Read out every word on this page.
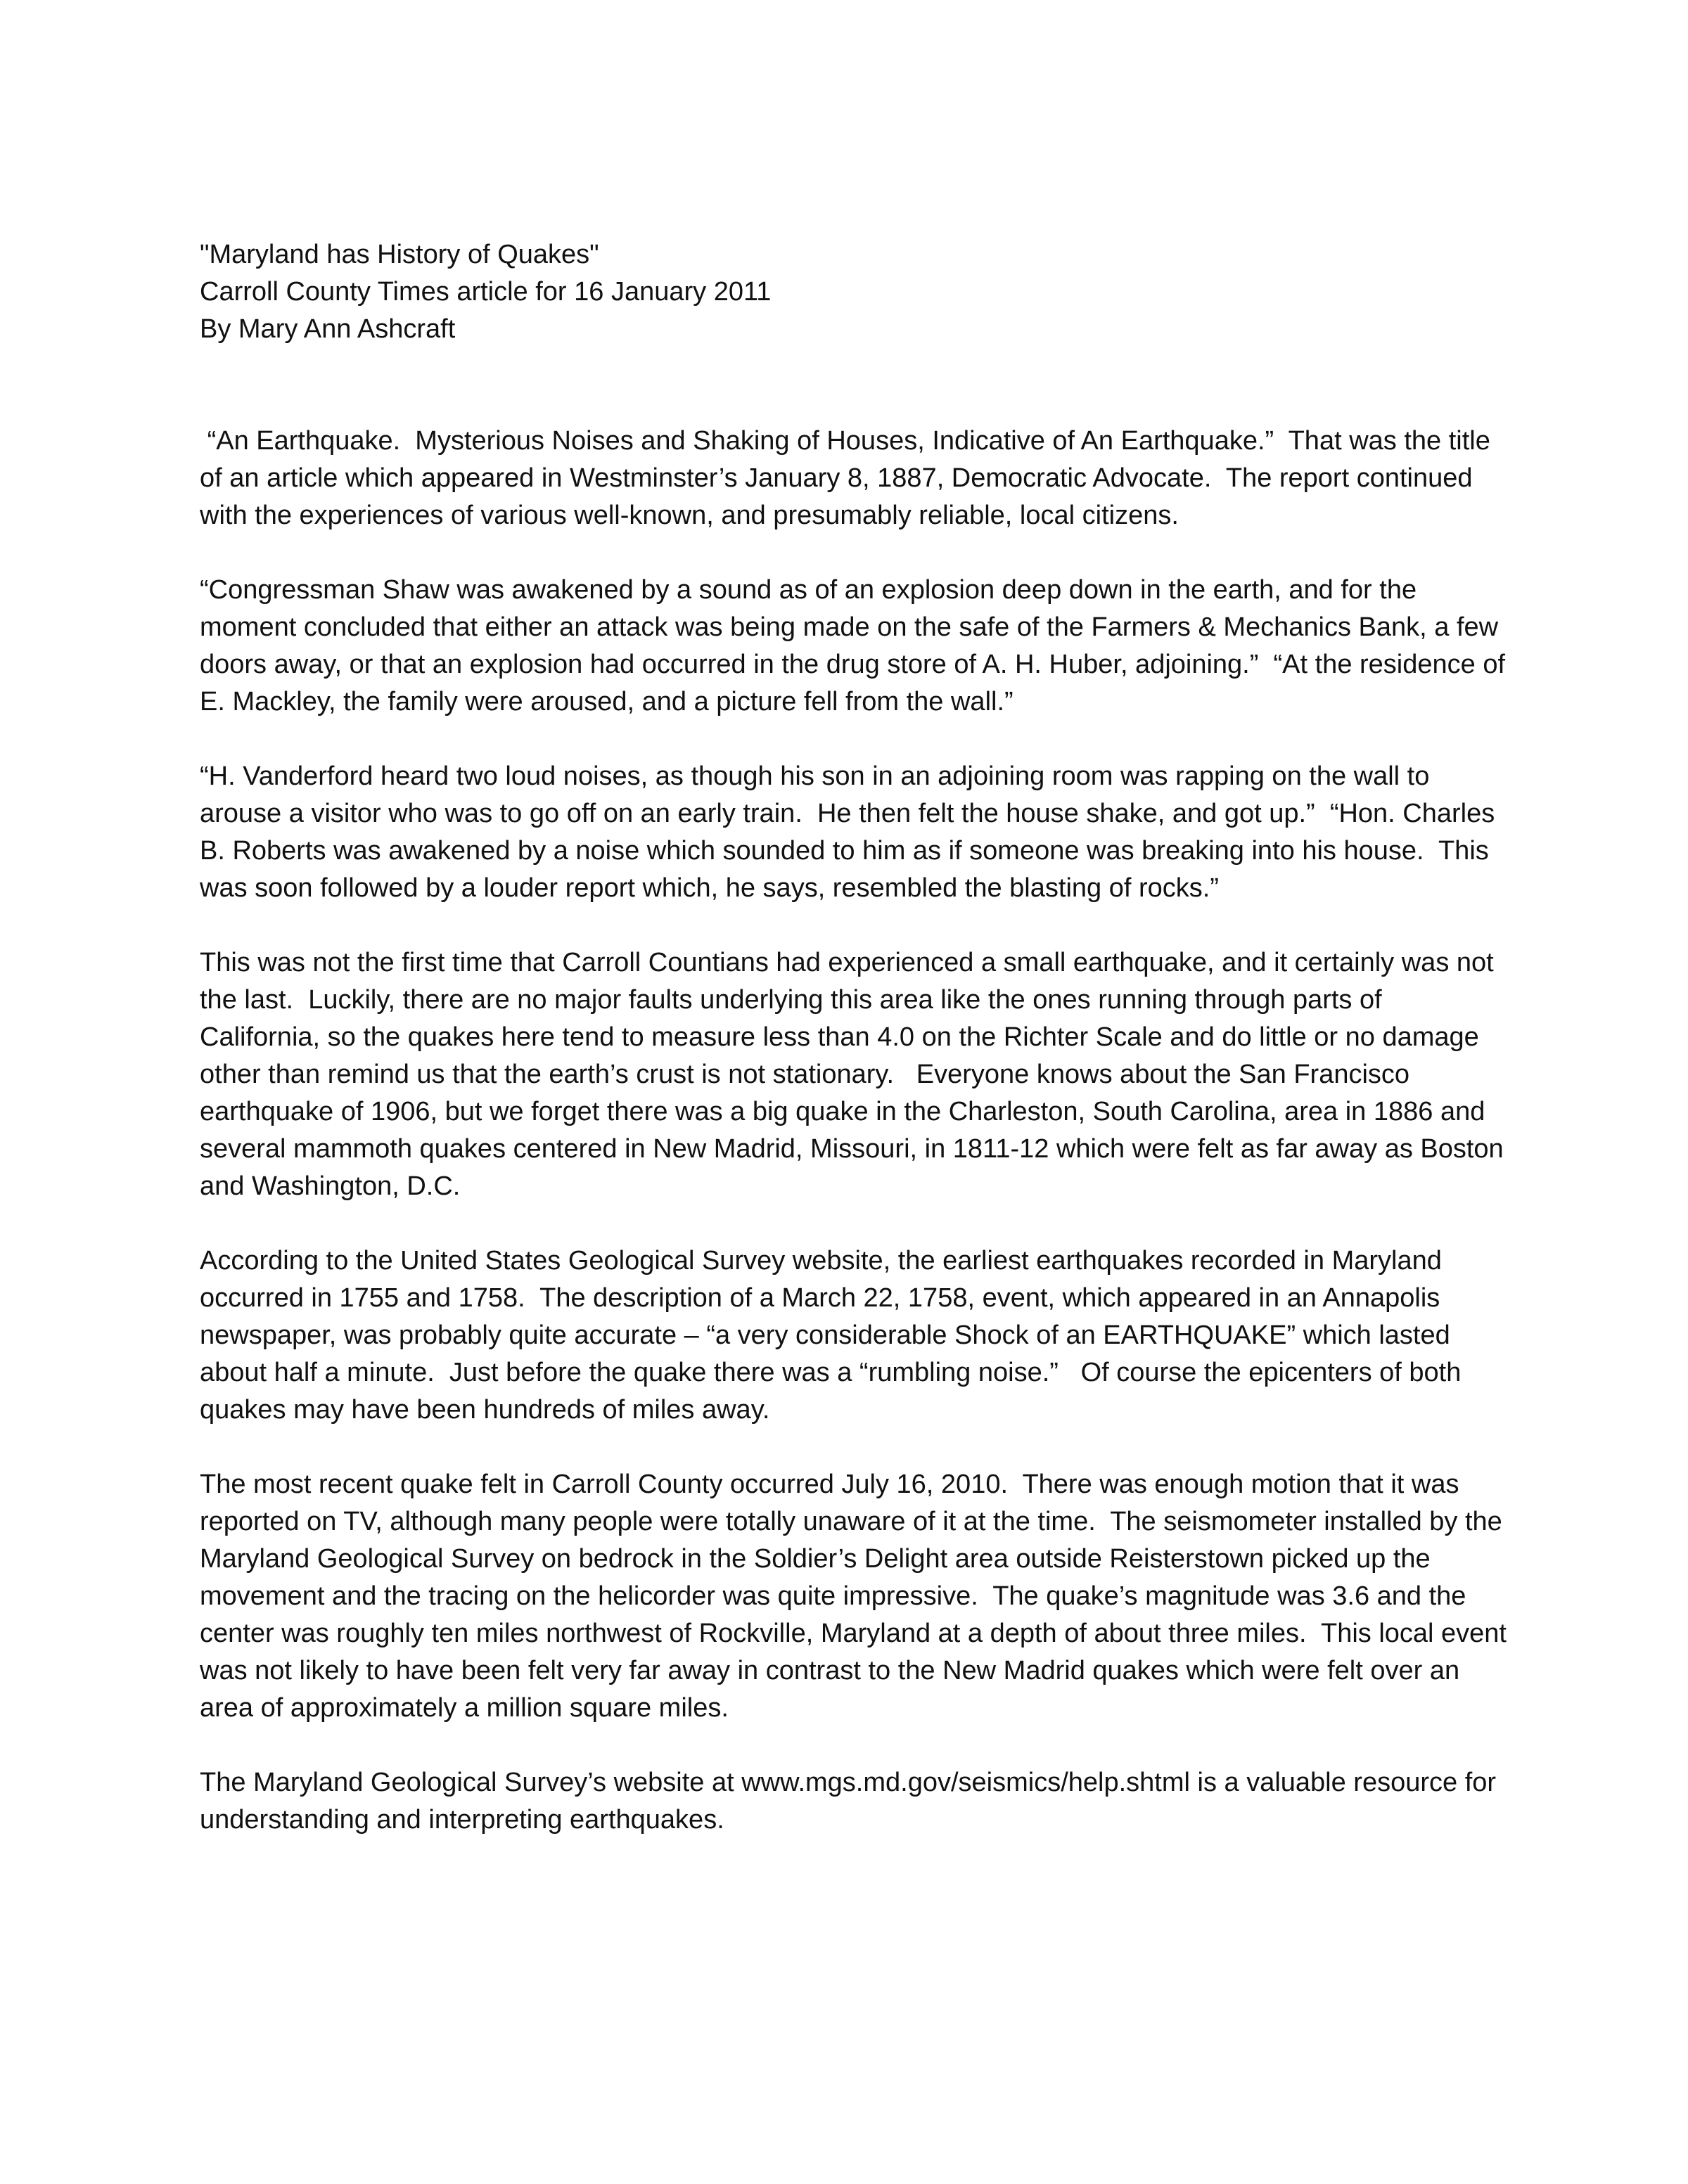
"Maryland has History of Quakes"
Carroll County Times article for 16 January 2011
By Mary Ann Ashcraft

“An Earthquake.  Mysterious Noises and Shaking of Houses, Indicative of An Earthquake.”  That was the title of an article which appeared in Westminster’s January 8, 1887, Democratic Advocate.  The report continued with the experiences of various well-known, and presumably reliable, local citizens.

“Congressman Shaw was awakened by a sound as of an explosion deep down in the earth, and for the moment concluded that either an attack was being made on the safe of the Farmers & Mechanics Bank, a few doors away, or that an explosion had occurred in the drug store of A. H. Huber, adjoining.”  “At the residence of E. Mackley, the family were aroused, and a picture fell from the wall.”

“H. Vanderford heard two loud noises, as though his son in an adjoining room was rapping on the wall to arouse a visitor who was to go off on an early train.  He then felt the house shake, and got up.”  “Hon. Charles B. Roberts was awakened by a noise which sounded to him as if someone was breaking into his house.  This was soon followed by a louder report which, he says, resembled the blasting of rocks.”

This was not the first time that Carroll Countians had experienced a small earthquake, and it certainly was not the last.  Luckily, there are no major faults underlying this area like the ones running through parts of California, so the quakes here tend to measure less than 4.0 on the Richter Scale and do little or no damage other than remind us that the earth’s crust is not stationary.   Everyone knows about the San Francisco earthquake of 1906, but we forget there was a big quake in the Charleston, South Carolina, area in 1886 and several mammoth quakes centered in New Madrid, Missouri, in 1811-12 which were felt as far away as Boston and Washington, D.C.

According to the United States Geological Survey website, the earliest earthquakes recorded in Maryland occurred in 1755 and 1758.  The description of a March 22, 1758, event, which appeared in an Annapolis newspaper, was probably quite accurate – “a very considerable Shock of an EARTHQUAKE” which lasted about half a minute.  Just before the quake there was a “rumbling noise.”   Of course the epicenters of both quakes may have been hundreds of miles away.

The most recent quake felt in Carroll County occurred July 16, 2010.  There was enough motion that it was reported on TV, although many people were totally unaware of it at the time.  The seismometer installed by the Maryland Geological Survey on bedrock in the Soldier’s Delight area outside Reisterstown picked up the movement and the tracing on the helicorder was quite impressive.  The quake’s magnitude was 3.6 and the center was roughly ten miles northwest of Rockville, Maryland at a depth of about three miles.  This local event was not likely to have been felt very far away in contrast to the New Madrid quakes which were felt over an area of approximately a million square miles.

The Maryland Geological Survey’s website at www.mgs.md.gov/seismics/help.shtml is a valuable resource for understanding and interpreting earthquakes.
